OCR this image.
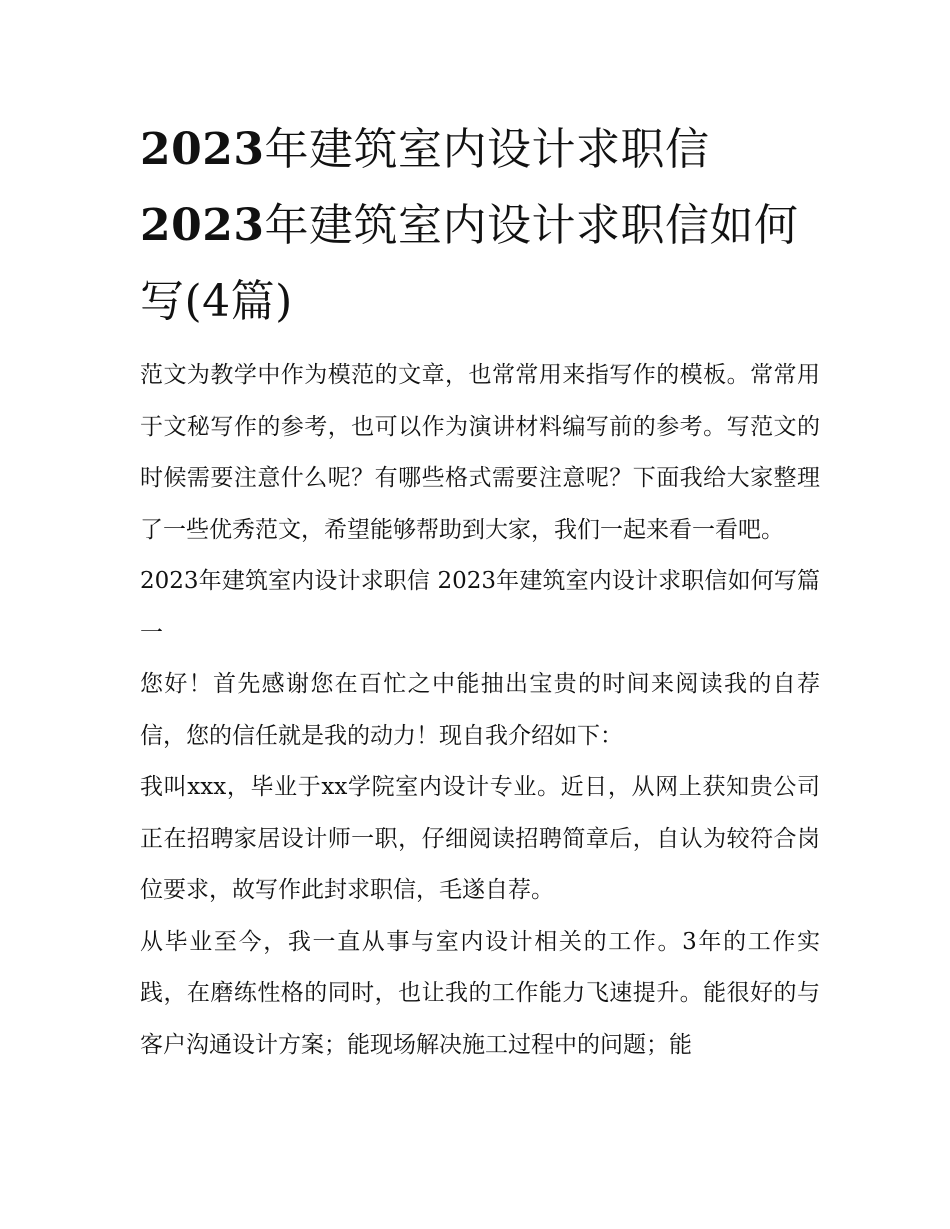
2023年建筑室内设计求职信 2023年建筑室内设计求职信如何写(4篇)

范文为教学中作为模范的文章，也常常用来指写作的模板。常常用于文秘写作的参考，也可以作为演讲材料编写前的参考。写范文的时候需要注意什么呢？有哪些格式需要注意呢？下面我给大家整理了一些优秀范文，希望能够帮助到大家，我们一起来看一看吧。

2023年建筑室内设计求职信 2023年建筑室内设计求职信如何写篇一

您好！首先感谢您在百忙之中能抽出宝贵的时间来阅读我的自荐信，您的信任就是我的动力！现自我介绍如下：

我叫xxx，毕业于xx学院室内设计专业。近日，从网上获知贵公司正在招聘家居设计师一职，仔细阅读招聘简章后，自认为较符合岗位要求，故写作此封求职信，毛遂自荐。

从毕业至今，我一直从事与室内设计相关的工作。3年的工作实践，在磨练性格的同时，也让我的工作能力飞速提升。能很好的与客户沟通设计方案；能现场解决施工过程中的问题；能
